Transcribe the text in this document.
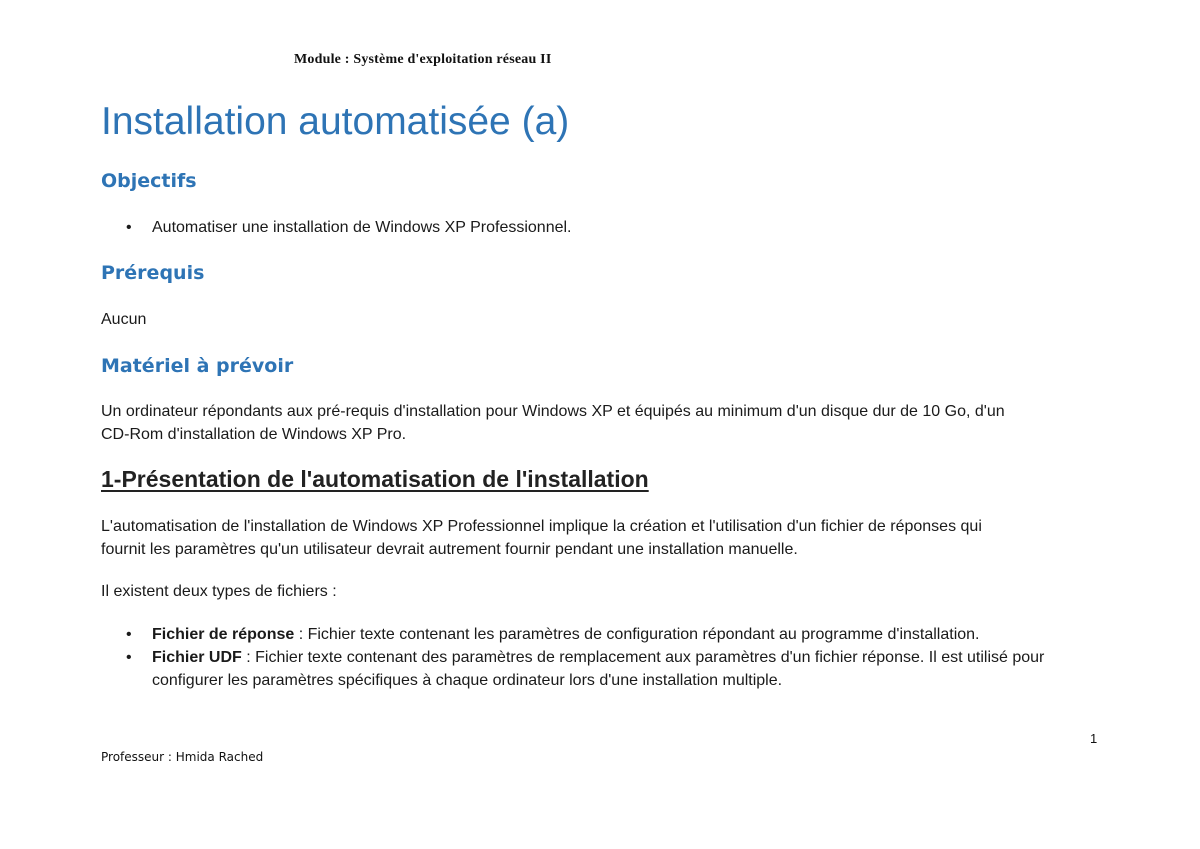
Module : Système d'exploitation réseau II
Installation automatisée (a)
Objectifs
• Automatiser une installation de Windows XP Professionnel.
Prérequis

Aucun

Matériel à prévoir
Un ordinateur répondants aux pré-requis d'installation pour Windows XP et équipés au minimum d'un disque dur de 10 Go, d'un
CD-Rom d'installation de Windows XP Pro.
1-Présentation de l'automatisation de l'installation
L'automatisation de l'installation de Windows XP Professionnel implique la création et l'utilisation d'un fichier de réponses qui
fournit les paramètres qu'un utilisateur devrait autrement fournir pendant une installation manuelle.

Il existent deux types de fichiers :

• Fichier de réponse : Fichier texte contenant les paramètres de configuration répondant au programme d'installation.
• Fichier UDF : Fichier texte contenant des paramètres de remplacement aux paramètres d'un fichier réponse. Il est utilisé pour configurer les paramètres spécifiques à chaque ordinateur lors d'une installation multiple.
1
Professeur : Hmida Rached
